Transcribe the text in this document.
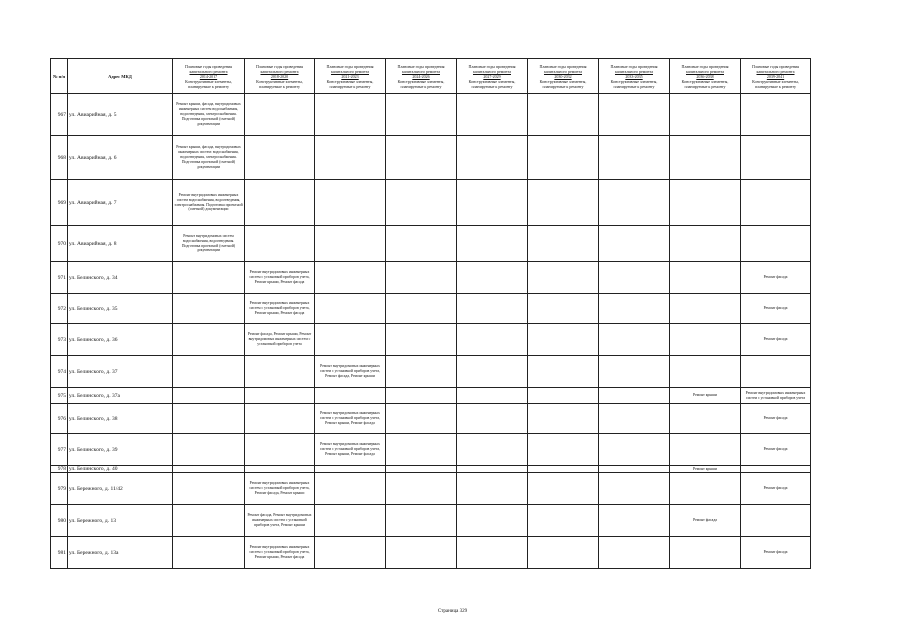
№ п/п	Адрес МКД	Плановые годы проведения
капитального ремонта
2014-2017
Конструктивные элементы, планируемые к ремонту	Плановые годы проведения
капитального ремонта
2018-2020
Конструктивные элементы, планируемые к ремонту	Плановые годы проведения
капитального ремонта
2021-2023
Конструктивные элементы, планируемые к ремонту	Плановые годы проведения
капитального ремонта
2024-2026
Конструктивные элементы, планируемые к ремонту	Плановые годы проведения
капитального ремонта
2027-2029
Конструктивные элементы, планируемые к ремонту	Плановые годы проведения
капитального ремонта
2030-2032
Конструктивные элементы, планируемые к ремонту	Плановые годы проведения
капитального ремонта
2033-2035
Конструктивные элементы, планируемые к ремонту	Плановые годы проведения
капитального ремонта
2036-2038
Конструктивные элементы, планируемые к ремонту	Плановые годы проведения
капитального ремонта
2039-2041
Конструктивные элементы, планируемые к ремонту

967	ул. Авиарийная, д. 5	Ремонт крыши, фасада, внутридомовых инженерных систем водоснабжения, водоотведения, электроснабжения. Подготовка проектной (сметной) документации								
968	ул. Авиарийная, д. 6	Ремонт крыши, фасада, внутридомовых инженерных систем: водоснабжения, водоотведения, электроснабжения. Подготовка проектной (сметной) документации								
969	ул. Авиарийная, д. 7	Ремонт внутридомовых инженерных систем водоснабжения, водоотведения, электроснабжения. Подготовка проектной (сметной) документации								
970	ул. Авиарийная, д. 8	Ремонт внутридомовых систем водоснабжения, водоотведения. Подготовка проектной (сметной) документации								
971	ул. Белинского, д. 34		Ремонт внутридомовых инженерных систем с установкой приборов учета, Ремонт крыши, Ремонт фасада							Ремонт фасада
972	ул. Белинского, д. 35		Ремонт внутридомовых инженерных систем с установкой приборов учета, Ремонт крыши, Ремонт фасада							Ремонт фасада
973	ул. Белинского, д. 36		Ремонт фасада, Ремонт крыши, Ремонт внутридомовых инженерных систем с установкой приборов учета							Ремонт фасада
974	ул. Белинского, д. 37			Ремонт внутридомовых инженерных систем с установкой приборов учета, Ремонт фасада, Ремонт крыши						
975	ул. Белинского, д. 37а								Ремонт крыши	Ремонт внутридомовых инженерных систем с установкой приборов учета
976	ул. Белинского, д. 38			Ремонт внутридомовых инженерных систем с установкой приборов учета, Ремонт крыши, Ремонт фасада						Ремонт фасада
977	ул. Белинского, д. 39			Ремонт внутридомовых инженерных систем с установкой приборов учета, Ремонт крыши, Ремонт фасада						Ремонт фасада
978	ул. Белинского, д. 40								Ремонт крыши	
979	ул. Бережного, д. 11/42		Ремонт внутридомовых инженерных систем с установкой приборов учета, Ремонт фасада, Ремонт крыши							Ремонт фасада
980	ул. Бережного, д. 13		Ремонт фасада, Ремонт внутридомовых инженерных систем с установкой приборов учета, Ремонт крыши						Ремонт фасада	
981	ул. Бережного, д. 13а		Ремонт внутридомовых инженерных систем с установкой приборов учета, Ремонт крыши, Ремонт фасада							Ремонт фасада
Страница 329
